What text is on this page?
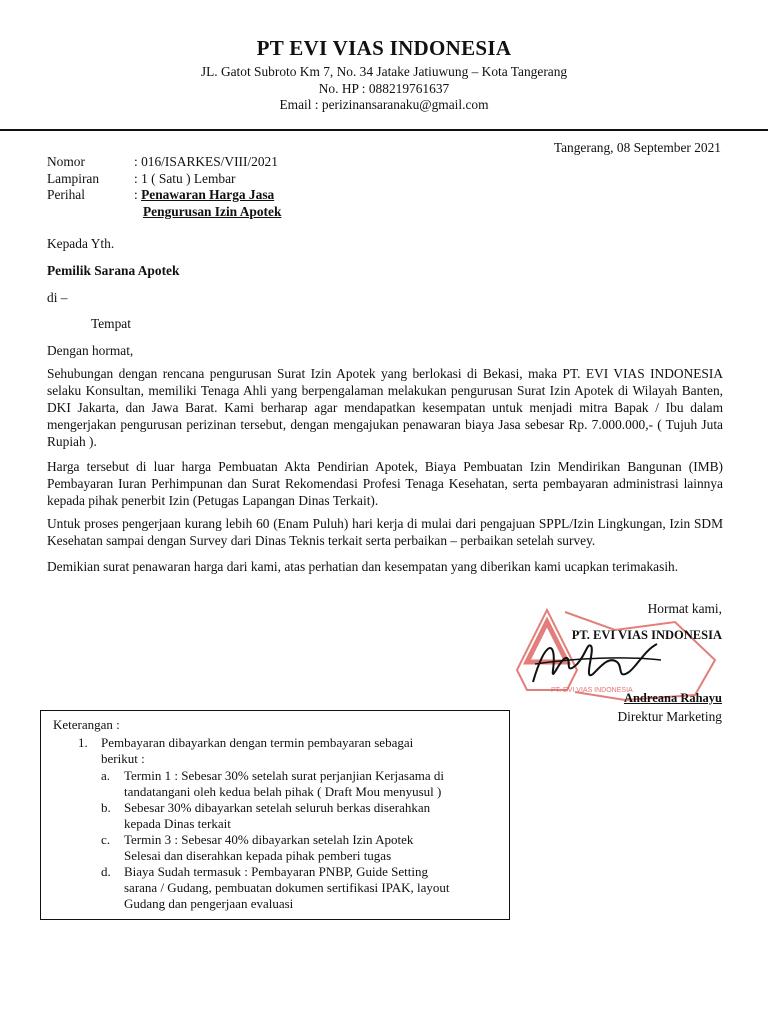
PT EVI VIAS INDONESIA
JL. Gatot Subroto Km 7, No. 34 Jatake Jatiuwung – Kota Tangerang
No. HP : 088219761637
Email : perizinansaranaku@gmail.com
Tangerang, 08 September 2021
Nomor	: 016/ISARKES/VIII/2021
Lampiran	: 1 ( Satu ) Lembar
Perihal	: Penawaran Harga Jasa
Pengurusan Izin Apotek
Kepada Yth.
Pemilik Sarana Apotek
di –
Tempat
Dengan hormat,

Sehubungan dengan rencana pengurusan Surat Izin Apotek yang berlokasi di Bekasi, maka PT. EVI VIAS INDONESIA selaku Konsultan, memiliki Tenaga Ahli yang berpengalaman melakukan pengurusan Surat Izin Apotek di Wilayah Banten, DKI Jakarta, dan Jawa Barat. Kami berharap agar mendapatkan kesempatan untuk menjadi mitra Bapak / Ibu dalam mengerjakan pengurusan perizinan tersebut, dengan mengajukan penawaran biaya Jasa sebesar Rp. 7.000.000,- ( Tujuh Juta Rupiah ).

Harga tersebut di luar harga Pembuatan Akta Pendirian Apotek, Biaya Pembuatan Izin Mendirikan Bangunan (IMB) Pembayaran Iuran Perhimpunan dan Surat Rekomendasi Profesi Tenaga Kesehatan, serta pembayaran administrasi lainnya kepada pihak penerbit Izin (Petugas Lapangan Dinas Terkait).

Untuk proses pengerjaan kurang lebih 60 (Enam Puluh) hari kerja di mulai dari pengajuan SPPL/Izin Lingkungan, Izin SDM Kesehatan sampai dengan Survey dari Dinas Teknis terkait serta perbaikan – perbaikan setelah survey.

Demikian surat penawaran harga dari kami, atas perhatian dan kesempatan yang diberikan kami ucapkan terimakasih.

PT. EVI VIAS INDONESIA
Hormat kami,
PT. EVI VIAS INDONESIA
Andreana Rahayu
Direktur Marketing
Keterangan :
1. Pembayaran dibayarkan dengan termin pembayaran sebagai
berikut :
a. Termin 1 : Sebesar 30% setelah surat perjanjian Kerjasama di
tandatangani oleh kedua belah pihak ( Draft Mou menyusul )
b. Sebesar 30% dibayarkan setelah seluruh berkas diserahkan
kepada Dinas terkait
c. Termin 3 : Sebesar 40% dibayarkan setelah Izin Apotek
Selesai dan diserahkan kepada pihak pemberi tugas
d. Biaya Sudah termasuk : Pembayaran PNBP, Guide Setting
sarana / Gudang, pembuatan dokumen sertifikasi IPAK, layout
Gudang dan pengerjaan evaluasi
